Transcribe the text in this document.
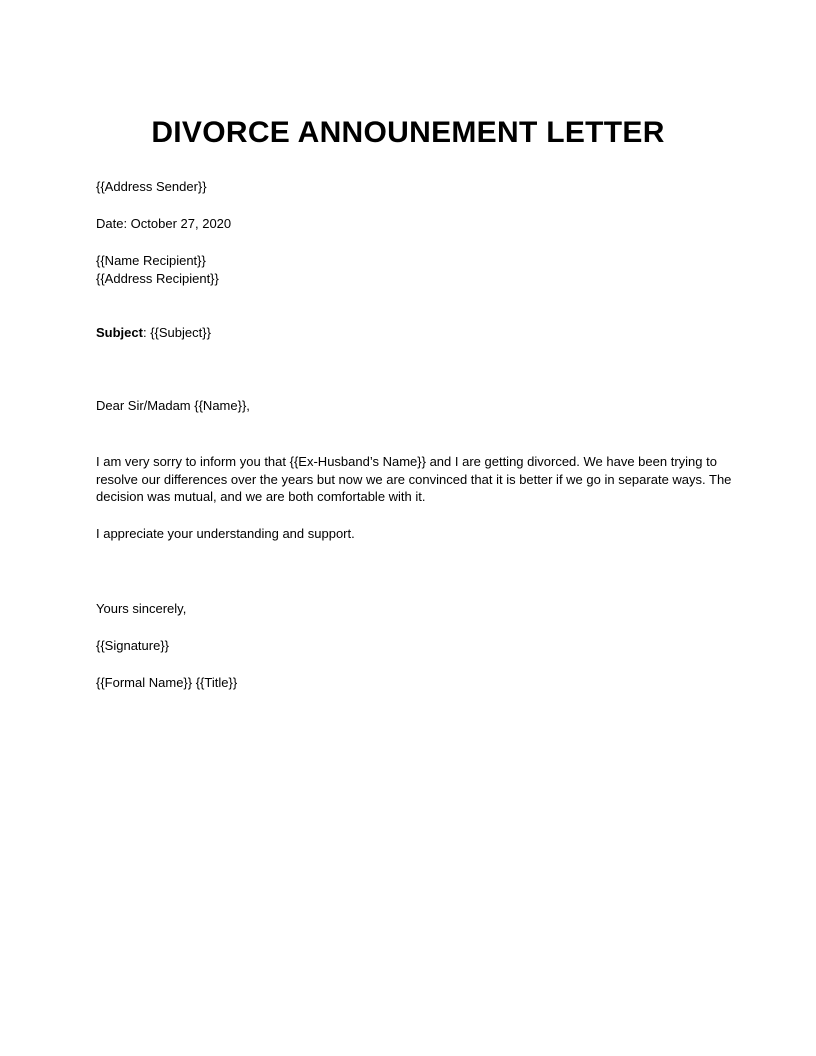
DIVORCE ANNOUNEMENT LETTER
{{Address Sender}}
Date: October 27, 2020
{{Name Recipient}}
{{Address Recipient}}
Subject: {{Subject}}
Dear Sir/Madam {{Name}},
I am very sorry to inform you that {{Ex-Husband’s Name}} and I are getting divorced. We have been trying to resolve our differences over the years but now we are convinced that it is better if we go in separate ways. The decision was mutual, and we are both comfortable with it.
I appreciate your understanding and support.
Yours sincerely,
{{Signature}}
{{Formal Name}} {{Title}}
